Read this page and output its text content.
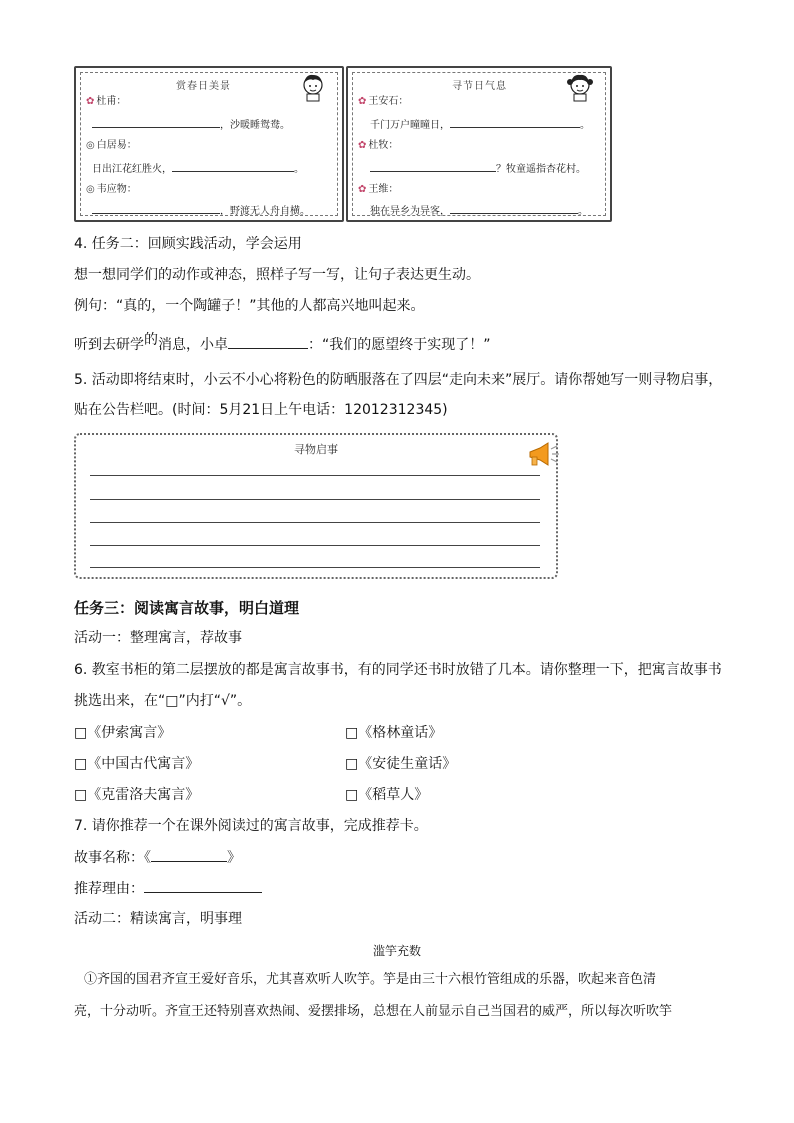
赏春日美景
✿ 杜甫：
，沙暖睡鸳鸯。
◎ 白居易：
日出江花红胜火，	。
◎ 韦应物：
，野渡无人舟自横。
寻节日气息
✿ 王安石：
千门万户曈曈日，	。
✿ 杜牧：
？牧童遥指杏花村。
✿ 王维：
独在异乡为异客，	。
4. 任务二：回顾实践活动，学会运用
想一想同学们的动作或神态，照样子写一写，让句子表达更生动。
例句：“真的，一个陶罐子！”其他的人都高兴地叫起来。
听到去研学的消息，小卓	：“我们的愿望终于实现了！”
5. 活动即将结束时，小云不小心将粉色的防晒服落在了四层“走向未来”展厅。请你帮她写一则寻物启事，
贴在公告栏吧。(时间：5月21日上午电话：12012312345)
寻物启事
任务三：阅读寓言故事，明白道理
活动一：整理寓言，荐故事
6. 教室书柜的第二层摆放的都是寓言故事书，有的同学还书时放错了几本。请你整理一下，把寓言故事书
挑选出来，在“□”内打“√”。
□《伊索寓言》	□《格林童话》
□《中国古代寓言》	□《安徒生童话》
□《克雷洛夫寓言》	□《稻草人》
7. 请你推荐一个在课外阅读过的寓言故事，完成推荐卡。
故事名称：《	》
推荐理由：
活动二：精读寓言，明事理
滥竽充数
①齐国的国君齐宣王爱好音乐，尤其喜欢听人吹竽。竽是由三十六根竹管组成的乐器，吹起来音色清
亮，十分动听。齐宣王还特别喜欢热闹、爱摆排场，总想在人前显示自己当国君的威严，所以每次听吹竽
